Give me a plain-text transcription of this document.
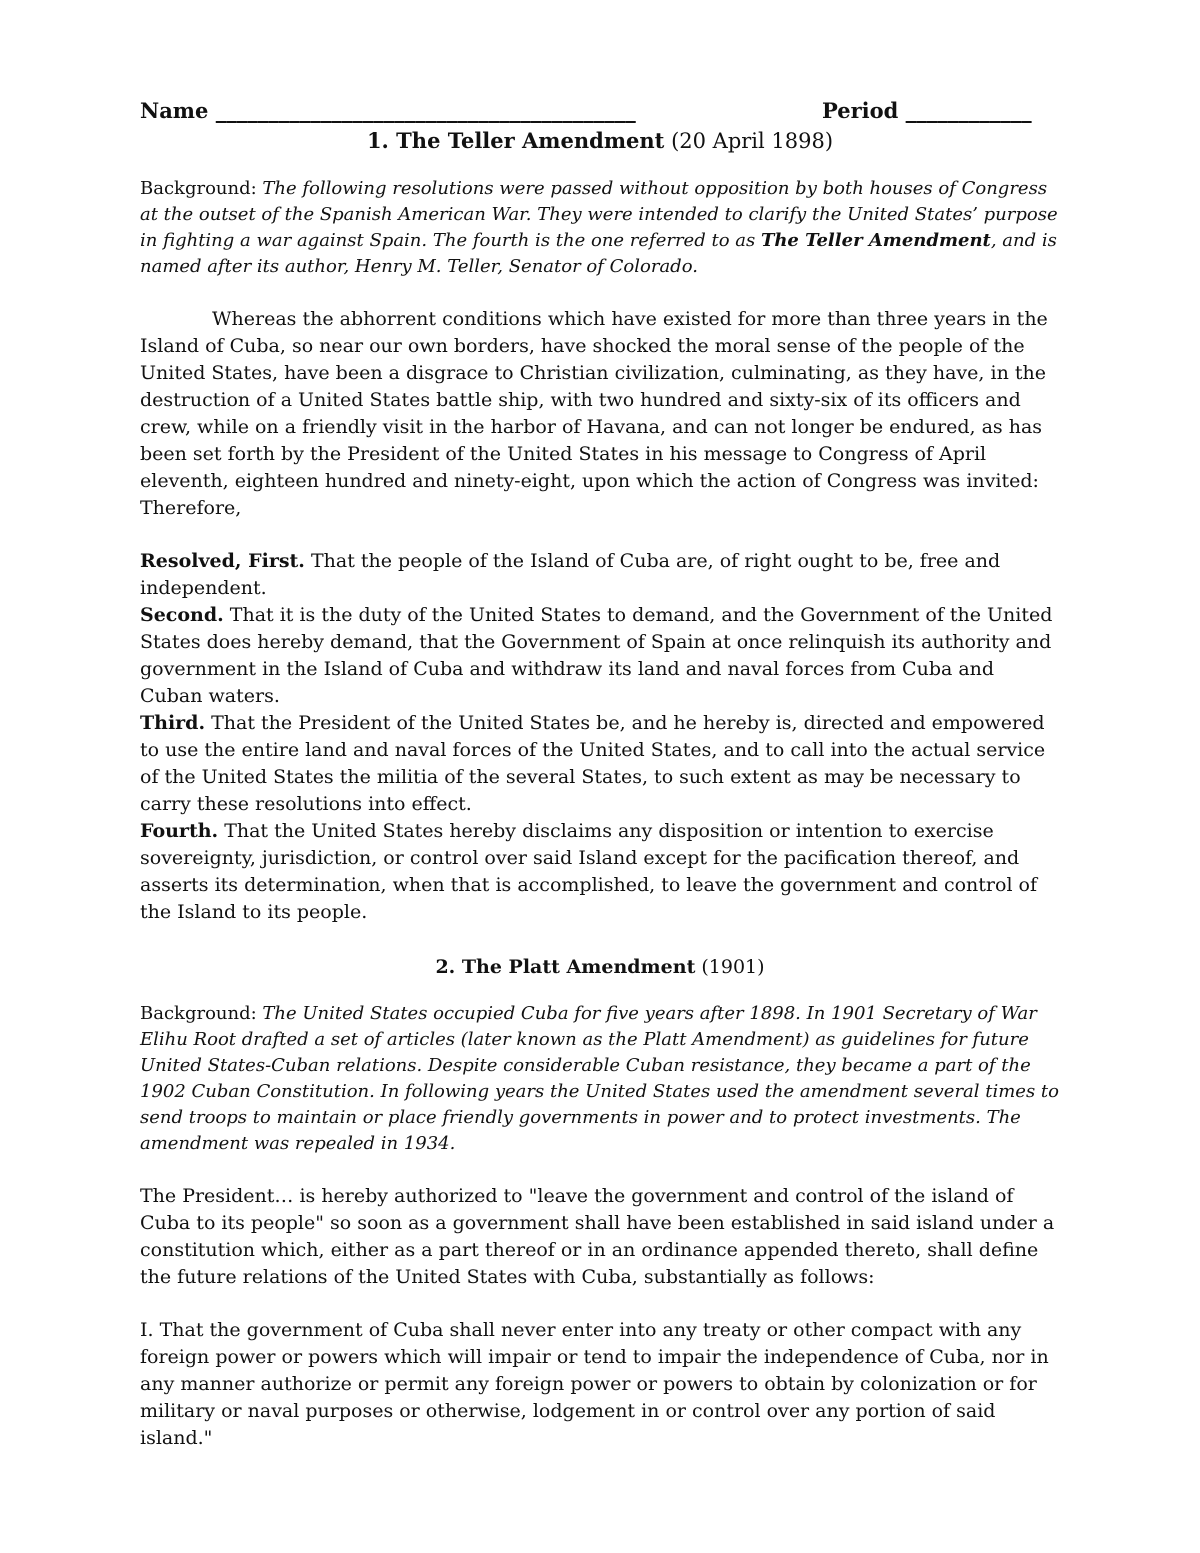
Name ________________________________________	Period ____________
1. The Teller Amendment (20 April 1898)

Background: The following resolutions were passed without opposition by both houses of Congress at the outset of the Spanish American War. They were intended to clarify the United States’ purpose in fighting a war against Spain. The fourth is the one referred to as The Teller Amendment, and is named after its author, Henry M. Teller, Senator of Colorado.

Whereas the abhorrent conditions which have existed for more than three years in the Island of Cuba, so near our own borders, have shocked the moral sense of the people of the United States, have been a disgrace to Christian civilization, culminating, as they have, in the destruction of a United States battle ship, with two hundred and sixty-six of its officers and crew, while on a friendly visit in the harbor of Havana, and can not longer be endured, as has been set forth by the President of the United States in his message to Congress of April eleventh, eighteen hundred and ninety-eight, upon which the action of Congress was invited: Therefore,

Resolved, First. That the people of the Island of Cuba are, of right ought to be, free and independent.

Second. That it is the duty of the United States to demand, and the Government of the United States does hereby demand, that the Government of Spain at once relinquish its authority and government in the Island of Cuba and withdraw its land and naval forces from Cuba and Cuban waters.

Third. That the President of the United States be, and he hereby is, directed and empowered to use the entire land and naval forces of the United States, and to call into the actual service of the United States the militia of the several States, to such extent as may be necessary to carry these resolutions into effect.

Fourth. That the United States hereby disclaims any disposition or intention to exercise sovereignty, jurisdiction, or control over said Island except for the pacification thereof, and asserts its determination, when that is accomplished, to leave the government and control of the Island to its people.

2. The Platt Amendment (1901)

Background: The United States occupied Cuba for five years after 1898. In 1901 Secretary of War Elihu Root drafted a set of articles (later known as the Platt Amendment) as guidelines for future United States-Cuban relations. Despite considerable Cuban resistance, they became a part of the 1902 Cuban Constitution. In following years the United States used the amendment several times to send troops to maintain or place friendly governments in power and to protect investments. The amendment was repealed in 1934.

The President… is hereby authorized to "leave the government and control of the island of Cuba to its people" so soon as a government shall have been established in said island under a constitution which, either as a part thereof or in an ordinance appended thereto, shall define the future relations of the United States with Cuba, substantially as follows:

I. That the government of Cuba shall never enter into any treaty or other compact with any foreign power or powers which will impair or tend to impair the independence of Cuba, nor in any manner authorize or permit any foreign power or powers to obtain by colonization or for military or naval purposes or otherwise, lodgement in or control over any portion of said island."
